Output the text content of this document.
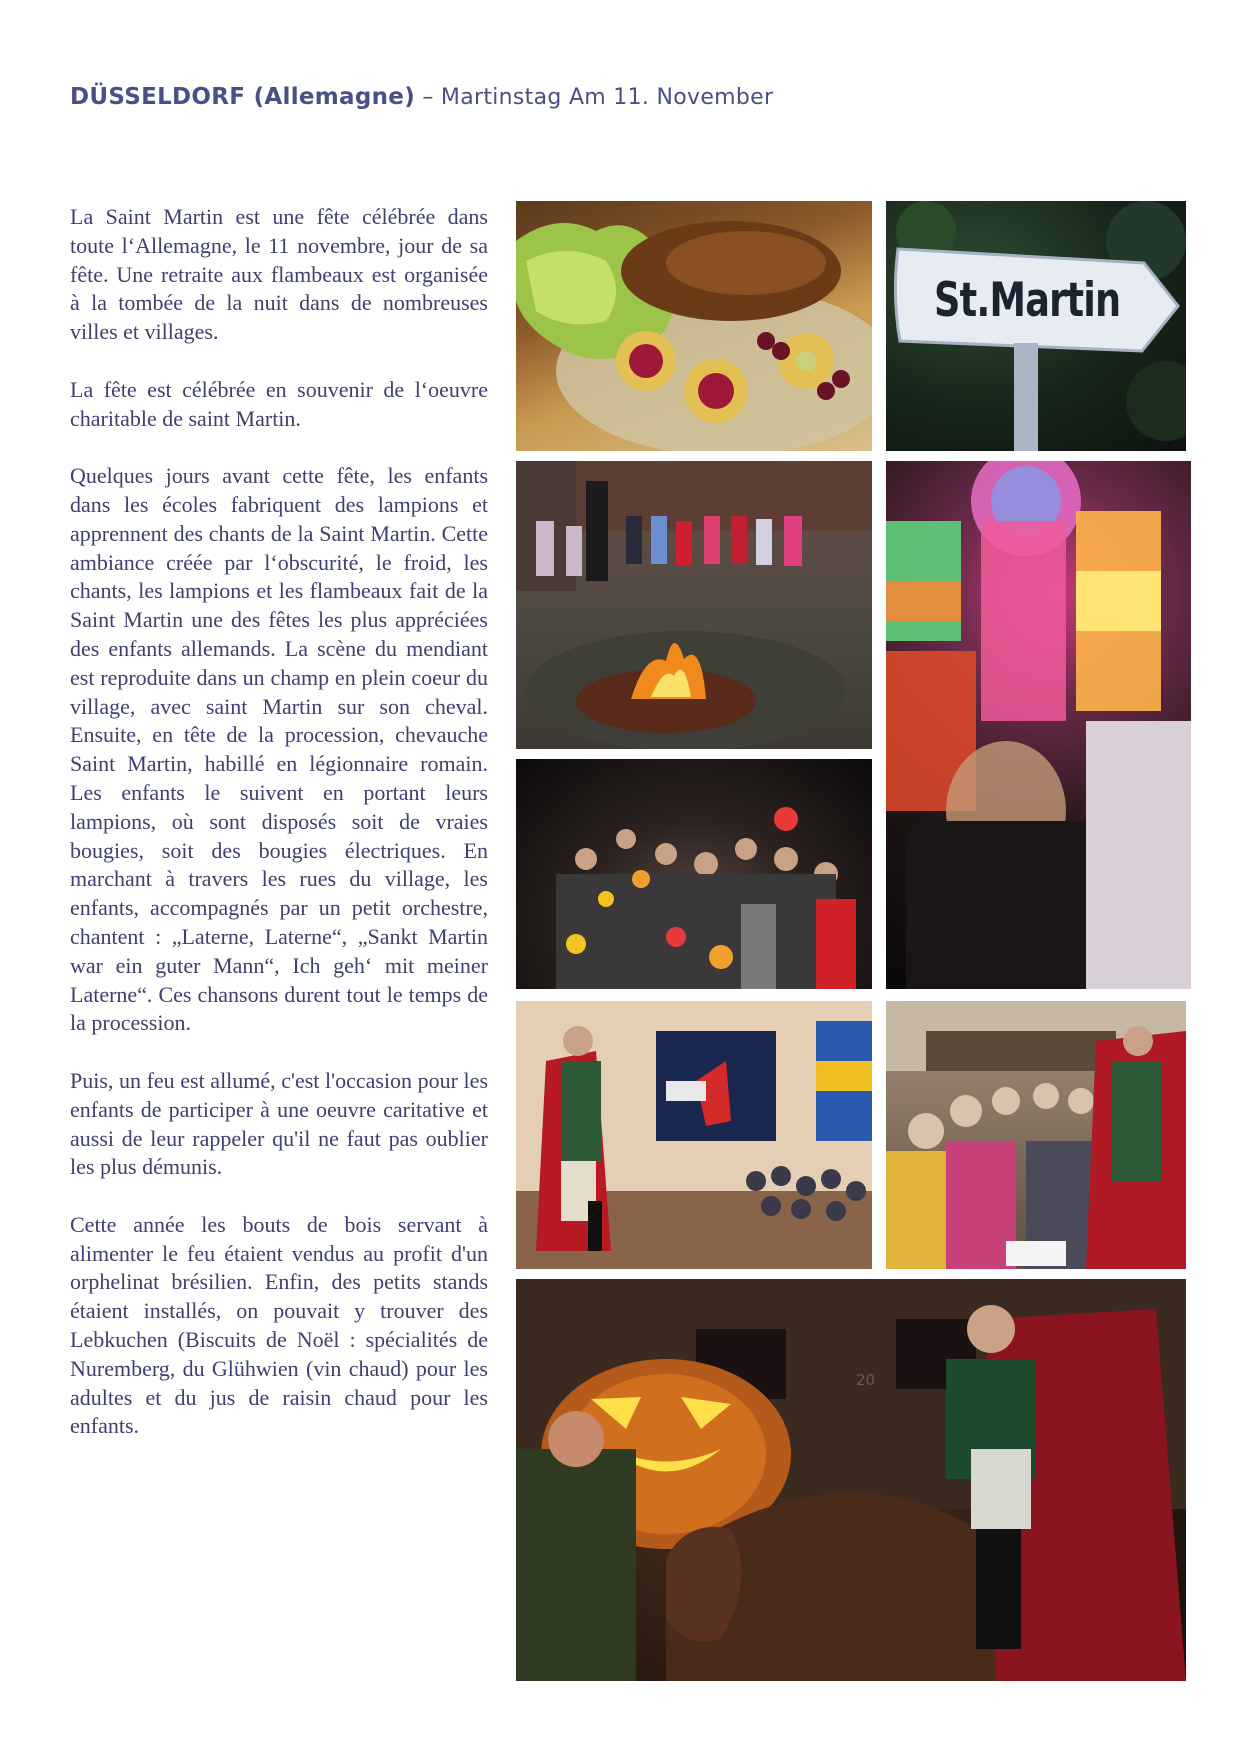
DÜSSELDORF (Allemagne) – Martinstag Am 11. November

La Saint Martin est une fête célébrée dans toute l‘Allemagne, le 11 novembre, jour de sa fête. Une retraite aux flambeaux est organisée à la tombée de la nuit dans de nombreuses villes et villages.

La fête est célébrée en souvenir de l‘oeuvre charitable de saint Martin.

Quelques jours avant cette fête, les enfants dans les écoles fabriquent des lampions et apprennent des chants de la Saint Martin. Cette ambiance créée par l‘obscurité, le froid, les chants, les lampions et les flambeaux fait de la Saint Martin une des fêtes les plus appréciées des enfants allemands. La scène du mendiant est reproduite dans un champ en plein coeur du village, avec saint Martin sur son cheval. Ensuite, en tête de la procession, chevauche Saint Martin, habillé en légionnaire romain. Les enfants le suivent en portant leurs lampions, où sont disposés soit de vraies bougies, soit des bougies électriques. En marchant à travers les rues du village, les enfants, accompagnés par un petit orchestre, chantent : „Laterne, Laterne“, „Sankt Martin war ein guter Mann“, Ich geh‘ mit meiner Laterne“. Ces chansons durent tout le temps de la procession.

Puis, un feu est allumé, c'est l'occasion pour les enfants de participer à une oeuvre caritative et aussi de leur rappeler qu'il ne faut pas oublier les plus démunis.

Cette année les bouts de bois servant à alimenter le feu étaient vendus au profit d'un orphelinat brésilien. Enfin, des petits stands étaient installés, on pouvait y trouver des Lebkuchen (Biscuits de Noël : spécialités de Nuremberg, du Glühwien (vin chaud) pour les adultes et du jus de raisin chaud pour les enfants.

St.Martin
20
